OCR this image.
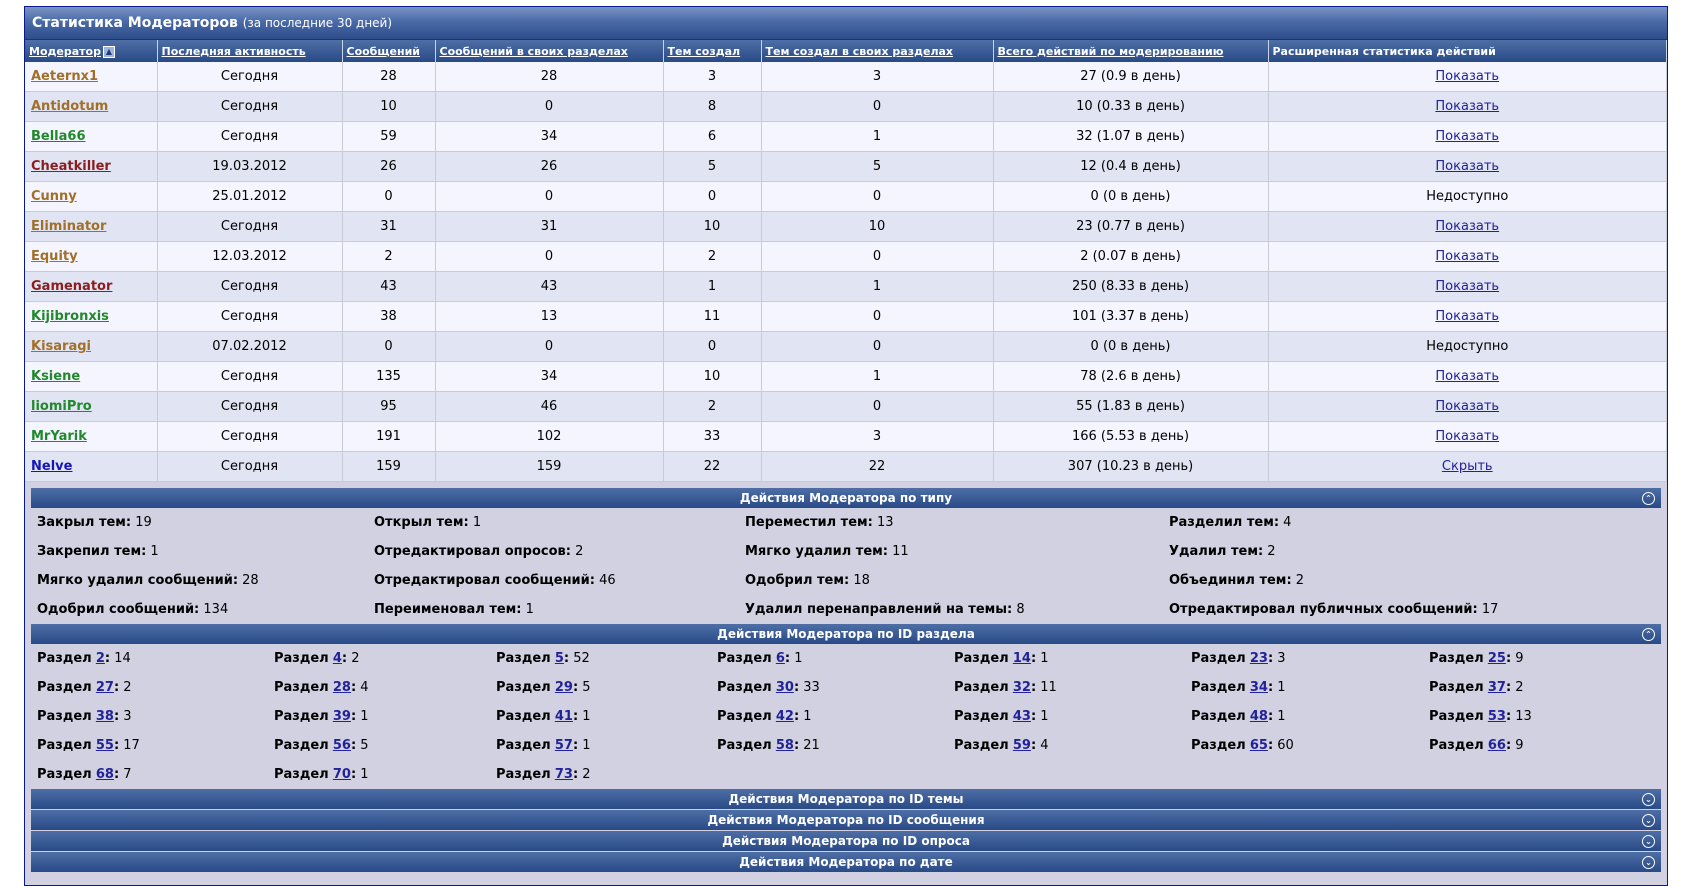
Статистика Модераторов (за последние 30 дней)
Модератор ▲	Последняя активность	Сообщений	Сообщений в своих разделах	Тем создал	Тем создал в своих разделах	Всего действий по модерированию	Расширенная статистика действий
Aeternx1	Сегодня	28	28	3	3	27 (0.9 в день)	Показать
Antidotum	Сегодня	10	0	8	0	10 (0.33 в день)	Показать
Bella66	Сегодня	59	34	6	1	32 (1.07 в день)	Показать
Cheatkiller	19.03.2012	26	26	5	5	12 (0.4 в день)	Показать
Cunny	25.01.2012	0	0	0	0	0 (0 в день)	Недоступно
Eliminator	Сегодня	31	31	10	10	23 (0.77 в день)	Показать
Equity	12.03.2012	2	0	2	0	2 (0.07 в день)	Показать
Gamenator	Сегодня	43	43	1	1	250 (8.33 в день)	Показать
Kijibronxis	Сегодня	38	13	11	0	101 (3.37 в день)	Показать
Kisaragi	07.02.2012	0	0	0	0	0 (0 в день)	Недоступно
Ksiene	Сегодня	135	34	10	1	78 (2.6 в день)	Показать
liomiPro	Сегодня	95	46	2	0	55 (1.83 в день)	Показать
MrYarik	Сегодня	191	102	33	3	166 (5.53 в день)	Показать
Nelve	Сегодня	159	159	22	22	307 (10.23 в день)	Скрыть
Действия Модератора по типу	⌃
Закрыл тем: 19	Открыл тем: 1	Переместил тем: 13	Разделил тем: 4
Закрепил тем: 1	Отредактировал опросов: 2	Мягко удалил тем: 11	Удалил тем: 2
Мягко удалил сообщений: 28	Отредактировал сообщений: 46	Одобрил тем: 18	Объединил тем: 2
Одобрил сообщений: 134	Переименовал тем: 1	Удалил перенаправлений на темы: 8	Отредактировал публичных сообщений: 17
Действия Модератора по ID раздела	⌃
Раздел 2: 14	Раздел 4: 2	Раздел 5: 52	Раздел 6: 1	Раздел 14: 1	Раздел 23: 3	Раздел 25: 9
Раздел 27: 2	Раздел 28: 4	Раздел 29: 5	Раздел 30: 33	Раздел 32: 11	Раздел 34: 1	Раздел 37: 2
Раздел 38: 3	Раздел 39: 1	Раздел 41: 1	Раздел 42: 1	Раздел 43: 1	Раздел 48: 1	Раздел 53: 13
Раздел 55: 17	Раздел 56: 5	Раздел 57: 1	Раздел 58: 21	Раздел 59: 4	Раздел 65: 60	Раздел 66: 9
Раздел 68: 7	Раздел 70: 1	Раздел 73: 2
Действия Модератора по ID темы	⌄
Действия Модератора по ID сообщения	⌄
Действия Модератора по ID опроса	⌄
Действия Модератора по дате	⌄
